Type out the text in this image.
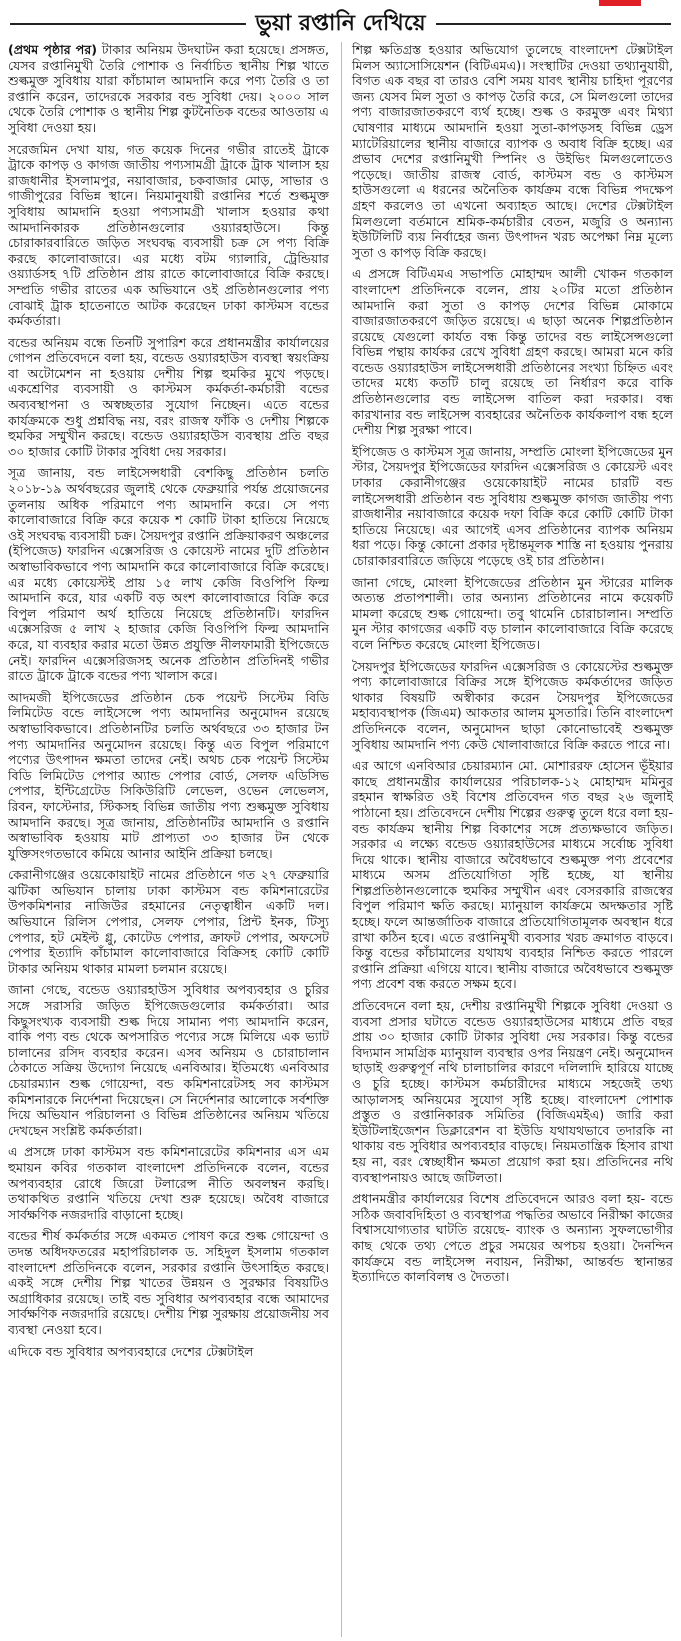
ভুয়া রপ্তানি দেখিয়ে

(প্রথম পৃষ্ঠার পর) টাকার অনিয়ম উদঘাটন করা হয়েছে। প্রসঙ্গত, যেসব রপ্তানিমুখী তৈরি পোশাক ও নির্বাচিত স্থানীয় শিল্প খাতে শুল্কমুক্ত সুবিধায় যারা কাঁচামাল আমদানি করে পণ্য তৈরি ও তা রপ্তানি করেন, তাদেরকে সরকার বন্ড সুবিধা দেয়। ২০০০ সাল থেকে তৈরি পোশাক ও স্থানীয় শিল্প কুটনৈতিক বন্ডের আওতায় এ সুবিধা দেওয়া হয়।

সরেজমিন দেখা যায়, গত কয়েক দিনের গভীর রাতেই ট্রাকে ট্রাকে কাপড় ও কাগজ জাতীয় পণ্যসামগ্রী ট্রাকে ট্রাক খালাস হয় রাজধানীর ইসলামপুর, নয়াবাজার, চকবাজার মোড়, সাভার ও গাজীপুরের বিভিন্ন স্থানে। নিয়মানুযায়ী রপ্তানির শর্তে শুল্কমুক্ত সুবিধায় আমদানি হওয়া পণ্যসামগ্রী খালাস হওয়ার কথা আমদানিকারক প্রতিষ্ঠানগুলোর ওয়্যারহাউসে। কিন্তু চোরাকারবারিতে জড়িত সংঘবদ্ধ ব্যবসায়ী চক্র সে পণ্য বিক্রি করছে কালোবাজারে। এর মধ্যে বটম গ্যালারি, ট্রেন্ডিয়ার ওয়্যার্ডসহ ৭টি প্রতিষ্ঠান প্রায় রাতে কালোবাজারে বিক্রি করছে। সম্প্রতি গভীর রাতের এক অভিযানে ওই প্রতিষ্ঠানগুলোর পণ্য বোঝাই ট্রাক হাতেনাতে আটক করেছেন ঢাকা কাস্টমস বন্ডের কর্মকর্তারা।

বন্ডের অনিয়ম বন্ধে তিনটি সুপারিশ করে প্রধানমন্ত্রীর কার্যালয়ের গোপন প্রতিবেদনে বলা হয়, বন্ডেড ওয়্যারহাউস ব্যবস্থা স্বয়ংক্রিয় বা অটোমেশন না হওয়ায় দেশীয় শিল্প হুমকির মুখে পড়ছে। একশ্রেণির ব্যবসায়ী ও কাস্টমস কর্মকর্তা-কর্মচারী বন্ডের অব্যবস্থাপনা ও অস্বচ্ছতার সুযোগ নিচ্ছেন। এতে বন্ডের কার্যক্রমকে শুধু প্রশ্নবিদ্ধ নয়, বরং রাজস্ব ফাঁকি ও দেশীয় শিল্পকে হুমকির সম্মুখীন করছে। বন্ডেড ওয়্যারহাউস ব্যবস্থায় প্রতি বছর ৩০ হাজার কোটি টাকার সুবিধা দেয় সরকার।

সূত্র জানায়, বন্ড লাইসেন্সধারী বেশকিছু প্রতিষ্ঠান চলতি ২০১৮-১৯ অর্থবছরের জুলাই থেকে ফেব্রুয়ারি পর্যন্ত প্রয়োজনের তুলনায় অধিক পরিমাণে পণ্য আমদানি করে। সে পণ্য কালোবাজারে বিক্রি করে কয়েক শ কোটি টাকা হাতিয়ে নিয়েছে ওই সংঘবদ্ধ ব্যবসায়ী চক্র। সৈয়দপুর রপ্তানি প্রক্রিয়াকরণ অঞ্চলের (ইপিজেড) ফারদিন এক্সেসরিজ ও কোয়েস্ট নামের দুটি প্রতিষ্ঠান অস্বাভাবিকভাবে পণ্য আমদানি করে কালোবাজারে বিক্রি করেছে। এর মধ্যে কোয়েস্টই প্রায় ১৫ লাখ কেজি বিওপিপি ফিল্ম আমদানি করে, যার একটি বড় অংশ কালোবাজারে বিক্রি করে বিপুল পরিমাণ অর্থ হাতিয়ে নিয়েছে প্রতিষ্ঠানটি। ফারদিন এক্সেসরিজ ৫ লাখ ২ হাজার কেজি বিওপিপি ফিল্ম আমদানি করে, যা ব্যবহার করার মতো উন্নত প্রযুক্তি নীলফামারী ইপিজেডে নেই। ফারদিন এক্সেসরিজসহ অনেক প্রতিষ্ঠান প্রতিদিনই গভীর রাতে ট্রাকে ট্রাকে বন্ডের পণ্য খালাস করে।

আদমজী ইপিজেডের প্রতিষ্ঠান চেক পয়েন্ট সিস্টেম বিডি লিমিটেড বন্ডে লাইসেন্সে পণ্য আমদানির অনুমোদন রয়েছে অস্বাভাবিকভাবে। প্রতিষ্ঠানটির চলতি অর্থবছরে ৩৩ হাজার টন পণ্য আমদানির অনুমোদন রয়েছে। কিন্তু এত বিপুল পরিমাণে পণ্যের উৎপাদন ক্ষমতা তাদের নেই। অথচ চেক পয়েন্ট সিস্টেম বিডি লিমিটেড পেপার অ্যান্ড পেপার বোর্ড, সেলফ এডিসিভ পেপার, ইন্টিগ্রেটেড সিকিউরিটি লেভেল, ওভেন লেভেলস, রিবন, ফাস্টেনার, স্টিকসহ বিভিন্ন জাতীয় পণ্য শুল্কমুক্ত সুবিধায় আমদানি করছে। সূত্র জানায়, প্রতিষ্ঠানটির আমদানি ও রপ্তানি অস্বাভাবিক হওয়ায় মাট প্রাপ্যতা ৩৩ হাজার টন থেকে যুক্তিসংগতভাবে কমিয়ে আনার আইনি প্রক্রিয়া চলছে।

কেরানীগঞ্জের ওয়েকোয়াইট নামের প্রতিষ্ঠানে গত ২৭ ফেব্রুয়ারি ঝটিকা অভিযান চালায় ঢাকা কাস্টমস বন্ড কমিশনারেটের উপকমিশনার নাজিউর রহমানের নেতৃত্বাধীন একটি দল। অভিযানে রিলিস পেপার, সেলফ পেপার, প্রিন্ট ইনক, টিস্যু পেপার, হট মেইল্ট গ্লু, কোটেড পেপার, ক্রাফট পেপার, অফসেট পেপার ইত্যাদি কাঁচামাল কালোবাজারে বিক্রিসহ কোটি কোটি টাকার অনিয়ম থাকার মামলা চলমান রয়েছে।

জানা গেছে, বন্ডেড ওয়্যারহাউস সুবিধার অপব্যবহার ও চুরির সঙ্গে সরাসরি জড়িত ইপিজেডগুলোর কর্মকর্তারা। আর কিছুসংখ্যক ব্যবসায়ী শুল্ক দিয়ে সামান্য পণ্য আমদানি করেন, বাকি পণ্য বন্ড থেকে অপসারিত পণ্যের সঙ্গে মিলিয়ে এক ভ্যাট চালানের রসিদ ব্যবহার করেন। এসব অনিয়ম ও চোরাচালান ঠেকাতে সক্রিয় উদ্যোগ নিয়েছে এনবিআর। ইতিমধ্যে এনবিআর চেয়ারম্যান শুল্ক গোয়েন্দা, বন্ড কমিশনারেটসহ সব কাস্টমস কমিশনারকে নির্দেশনা দিয়েছেন। সে নির্দেশনার আলোকে সর্বশক্তি দিয়ে অভিযান পরিচালনা ও বিভিন্ন প্রতিষ্ঠানের অনিয়ম খতিয়ে দেখছেন সংশ্লিষ্ট কর্মকর্তারা।

এ প্রসঙ্গে ঢাকা কাস্টমস বন্ড কমিশনারেটের কমিশনার এস এম হুমায়ন কবির গতকাল বাংলাদেশ প্রতিদিনকে বলেন, বন্ডের অপব্যবহার রোধে জিরো টলারেন্স নীতি অবলম্বন করছি। তথাকথিত রপ্তানি খতিয়ে দেখা শুরু হয়েছে। অবৈধ বাজারে সার্বক্ষণিক নজরদারি বাড়ানো হচ্ছে।

বন্ডের শীর্ষ কর্মকর্তার সঙ্গে একমত পোষণ করে শুল্ক গোয়েন্দা ও তদন্ত অধিদফতরের মহাপরিচালক ড. সহিদুল ইসলাম গতকাল বাংলাদেশ প্রতিদিনকে বলেন, সরকার রপ্তানি উৎসাহিত করছে। একই সঙ্গে দেশীয় শিল্প খাতের উন্নয়ন ও সুরক্ষার বিষয়টিও অগ্রাধিকার রয়েছে। তাই বন্ড সুবিধার অপব্যবহার বন্ধে আমাদের সার্বক্ষণিক নজরদারি রয়েছে। দেশীয় শিল্প সুরক্ষায় প্রয়োজনীয় সব ব্যবস্থা নেওয়া হবে।

এদিকে বন্ড সুবিধার অপব্যবহারে দেশের টেক্সটাইল

শিল্প ক্ষতিগ্রস্ত হওয়ার অভিযোগ তুলেছে বাংলাদেশ টেক্সটাইল মিলস অ্যাসোসিয়েশন (বিটিএমএ)। সংস্থাটির দেওয়া তথ্যানুযায়ী, বিগত এক বছর বা তারও বেশি সময় যাবৎ স্থানীয় চাহিদা পূরণের জন্য যেসব মিল সুতা ও কাপড় তৈরি করে, সে মিলগুলো তাদের পণ্য বাজারজাতকরণে ব্যর্থ হচ্ছে। শুল্ক ও করমুক্ত এবং মিথ্যা ঘোষণার মাধ্যমে আমদানি হওয়া সুতা-কাপড়সহ বিভিন্ন ড্রেস ম্যাটেরিয়ালের স্থানীয় বাজারে ব্যাপক ও অবাধ বিক্রি হচ্ছে। এর প্রভাব দেশের রপ্তানিমুখী স্পিনিং ও উইভিং মিলগুলোতেও পড়েছে। জাতীয় রাজস্ব বোর্ড, কাস্টমস বন্ড ও কাস্টমস হাউসগুলো এ ধরনের অনৈতিক কার্যক্রম বন্ধে বিভিন্ন পদক্ষেপ গ্রহণ করলেও তা এখনো অব্যাহত আছে। দেশের টেক্সটাইল মিলগুলো বর্তমানে শ্রমিক-কর্মচারীর বেতন, মজুরি ও অন্যান্য ইউটিলিটি ব্যয় নির্বাহের জন্য উৎপাদন খরচ অপেক্ষা নিম্ন মূল্যে সুতা ও কাপড় বিক্রি করছে।

এ প্রসঙ্গে বিটিএমএ সভাপতি মোহাম্মদ আলী খোকন গতকাল বাংলাদেশ প্রতিদিনকে বলেন, প্রায় ২০টির মতো প্রতিষ্ঠান আমদানি করা সুতা ও কাপড় দেশের বিভিন্ন মোকামে বাজারজাতকরণে জড়িত রয়েছে। এ ছাড়া অনেক শিল্পপ্রতিষ্ঠান রয়েছে যেগুলো কার্যত বন্ধ কিন্তু তাদের বন্ড লাইসেন্সগুলো বিভিন্ন পন্থায় কার্যকর রেখে সুবিধা গ্রহণ করছে। আমরা মনে করি বন্ডেড ওয়্যারহাউস লাইসেন্সধারী প্রতিষ্ঠানের সংখ্যা চিহ্নিত এবং তাদের মধ্যে কতটি চালু রয়েছে তা নির্ধারণ করে বাকি প্রতিষ্ঠানগুলোর বন্ড লাইসেন্স বাতিল করা দরকার। বন্ধ কারখানার বন্ড লাইসেন্স ব্যবহারের অনৈতিক কার্যকলাপ বন্ধ হলে দেশীয় শিল্প সুরক্ষা পাবে।

ইপিজেড ও কাস্টমস সূত্র জানায়, সম্প্রতি মোংলা ইপিজেডের মুন স্টার, সৈয়দপুর ইপিজেডের ফারদিন এক্সেসরিজ ও কোয়েস্ট এবং ঢাকার কেরানীগঞ্জের ওয়েকোয়াইট নামের চারটি বন্ড লাইসেন্সধারী প্রতিষ্ঠান বন্ড সুবিধায় শুল্কমুক্ত কাগজ জাতীয় পণ্য রাজধানীর নয়াবাজারে কয়েক দফা বিক্রি করে কোটি কোটি টাকা হাতিয়ে নিয়েছে। এর আগেই এসব প্রতিষ্ঠানের ব্যাপক অনিয়ম ধরা পড়ে। কিন্তু কোনো প্রকার দৃষ্টান্তমূলক শাস্তি না হওয়ায় পুনরায় চোরাকারবারিতে জড়িয়ে পড়েছে ওই চার প্রতিষ্ঠান।

জানা গেছে, মোংলা ইপিজেডের প্রতিষ্ঠান মুন স্টারের মালিক অত্যন্ত প্রতাপশালী। তার অন্যান্য প্রতিষ্ঠানের নামে কয়েকটি মামলা করেছে শুল্ক গোয়েন্দা। তবু থামেনি চোরাচালান। সম্প্রতি মুন স্টার কাগজের একটি বড় চালান কালোবাজারে বিক্রি করেছে বলে নিশ্চিত করেছে মোংলা ইপিজেড।

সৈয়দপুর ইপিজেডের ফারদিন এক্সেসরিজ ও কোয়েস্টের শুল্কমুক্ত পণ্য কালোবাজারে বিক্রির সঙ্গে ইপিজেড কর্মকর্তাদের জড়িত থাকার বিষয়টি অস্বীকার করেন সৈয়দপুর ইপিজেডের মহাব্যবস্থাপক (জিএম) আকতার আলম মুসতারি। তিনি বাংলাদেশ প্রতিদিনকে বলেন, অনুমোদন ছাড়া কোনোভাবেই শুল্কমুক্ত সুবিধায় আমদানি পণ্য কেউ খোলাবাজারে বিক্রি করতে পারে না।

এর আগে এনবিআর চেয়ারম্যান মো. মোশাররফ হোসেন ভূঁইয়ার কাছে প্রধানমন্ত্রীর কার্যালয়ের পরিচালক-১২ মোহাম্মদ মমিনুর রহমান স্বাক্ষরিত ওই বিশেষ প্রতিবেদন গত বছর ২৬ জুলাই পাঠানো হয়। প্রতিবেদনে দেশীয় শিল্পের গুরুত্ব তুলে ধরে বলা হয়- বন্ড কার্যক্রম স্থানীয় শিল্প বিকাশের সঙ্গে প্রত্যক্ষভাবে জড়িত। সরকার এ লক্ষ্যে বন্ডেড ওয়্যারহাউসের মাধ্যমে সর্বোচ্চ সুবিধা দিয়ে থাকে। স্থানীয় বাজারে অবৈধভাবে শুল্কমুক্ত পণ্য প্রবেশের মাধ্যমে অসম প্রতিযোগিতা সৃষ্টি হচ্ছে, যা স্থানীয় শিল্পপ্রতিষ্ঠানগুলোকে হুমকির সম্মুখীন এবং বেসরকারি রাজস্বের বিপুল পরিমাণ ক্ষতি করছে। ম্যানুয়াল কার্যক্রমে অদক্ষতার সৃষ্টি হচ্ছে। ফলে আন্তর্জাতিক বাজারে প্রতিযোগিতামূলক অবস্থান ধরে রাখা কঠিন হবে। এতে রপ্তানিমুখী ব্যবসার খরচ ক্রমাগত বাড়বে। কিন্তু বন্ডের কাঁচামালের যথাযথ ব্যবহার নিশ্চিত করতে পারলে রপ্তানি প্রক্রিয়া এগিয়ে যাবে। স্থানীয় বাজারে অবৈধভাবে শুল্কমুক্ত পণ্য প্রবেশ বন্ধ করতে সক্ষম হবে।

প্রতিবেদনে বলা হয়, দেশীয় রপ্তানিমুখী শিল্পকে সুবিধা দেওয়া ও ব্যবসা প্রসার ঘটাতে বন্ডেড ওয়্যারহাউসের মাধ্যমে প্রতি বছর প্রায় ৩০ হাজার কোটি টাকার সুবিধা দেয় সরকার। কিন্তু বন্ডের বিদ্যমান সামগ্রিক ম্যানুয়াল ব্যবস্থার ওপর নিয়ন্ত্রণ নেই। অনুমোদন ছাড়াই গুরুত্বপূর্ণ নথি চালাচালির কারণে দলিলাদি হারিয়ে যাচ্ছে ও চুরি হচ্ছে। কাস্টমস কর্মচারীদের মাধ্যমে সহজেই তথ্য আড়ালসহ অনিয়মের সুযোগ সৃষ্টি হচ্ছে। বাংলাদেশ পোশাক প্রস্তুত ও রপ্তানিকারক সমিতির (বিজিএমইএ) জারি করা ইউটিলাইজেশন ডিক্লারেশন বা ইউডি যথাযথভাবে তদারকি না থাকায় বন্ড সুবিধার অপব্যবহার বাড়ছে। নিয়মতান্ত্রিক হিসাব রাখা হয় না, বরং স্বেচ্ছাধীন ক্ষমতা প্রয়োগ করা হয়। প্রতিদিনের নথি ব্যবস্থাপনায়ও আছে জটিলতা।

প্রধানমন্ত্রীর কার্যালয়ের বিশেষ প্রতিবেদনে আরও বলা হয়- বন্ডে সঠিক জবাবদিহিতা ও ব্যবস্থাপত্র পদ্ধতির অভাবে নিরীক্ষা কাজের বিশ্বাসযোগ্যতার ঘাটতি রয়েছে- ব্যাংক ও অন্যান্য সুফলভোগীর কাছ থেকে তথ্য পেতে প্রচুর সময়ের অপচয় হওয়া। দৈনন্দিন কার্যক্রমে বন্ড লাইসেন্স নবায়ন, নিরীক্ষা, আন্তর্বন্ড স্থানান্তর ইত্যাদিতে কালবিলম্ব ও দৈততা।
